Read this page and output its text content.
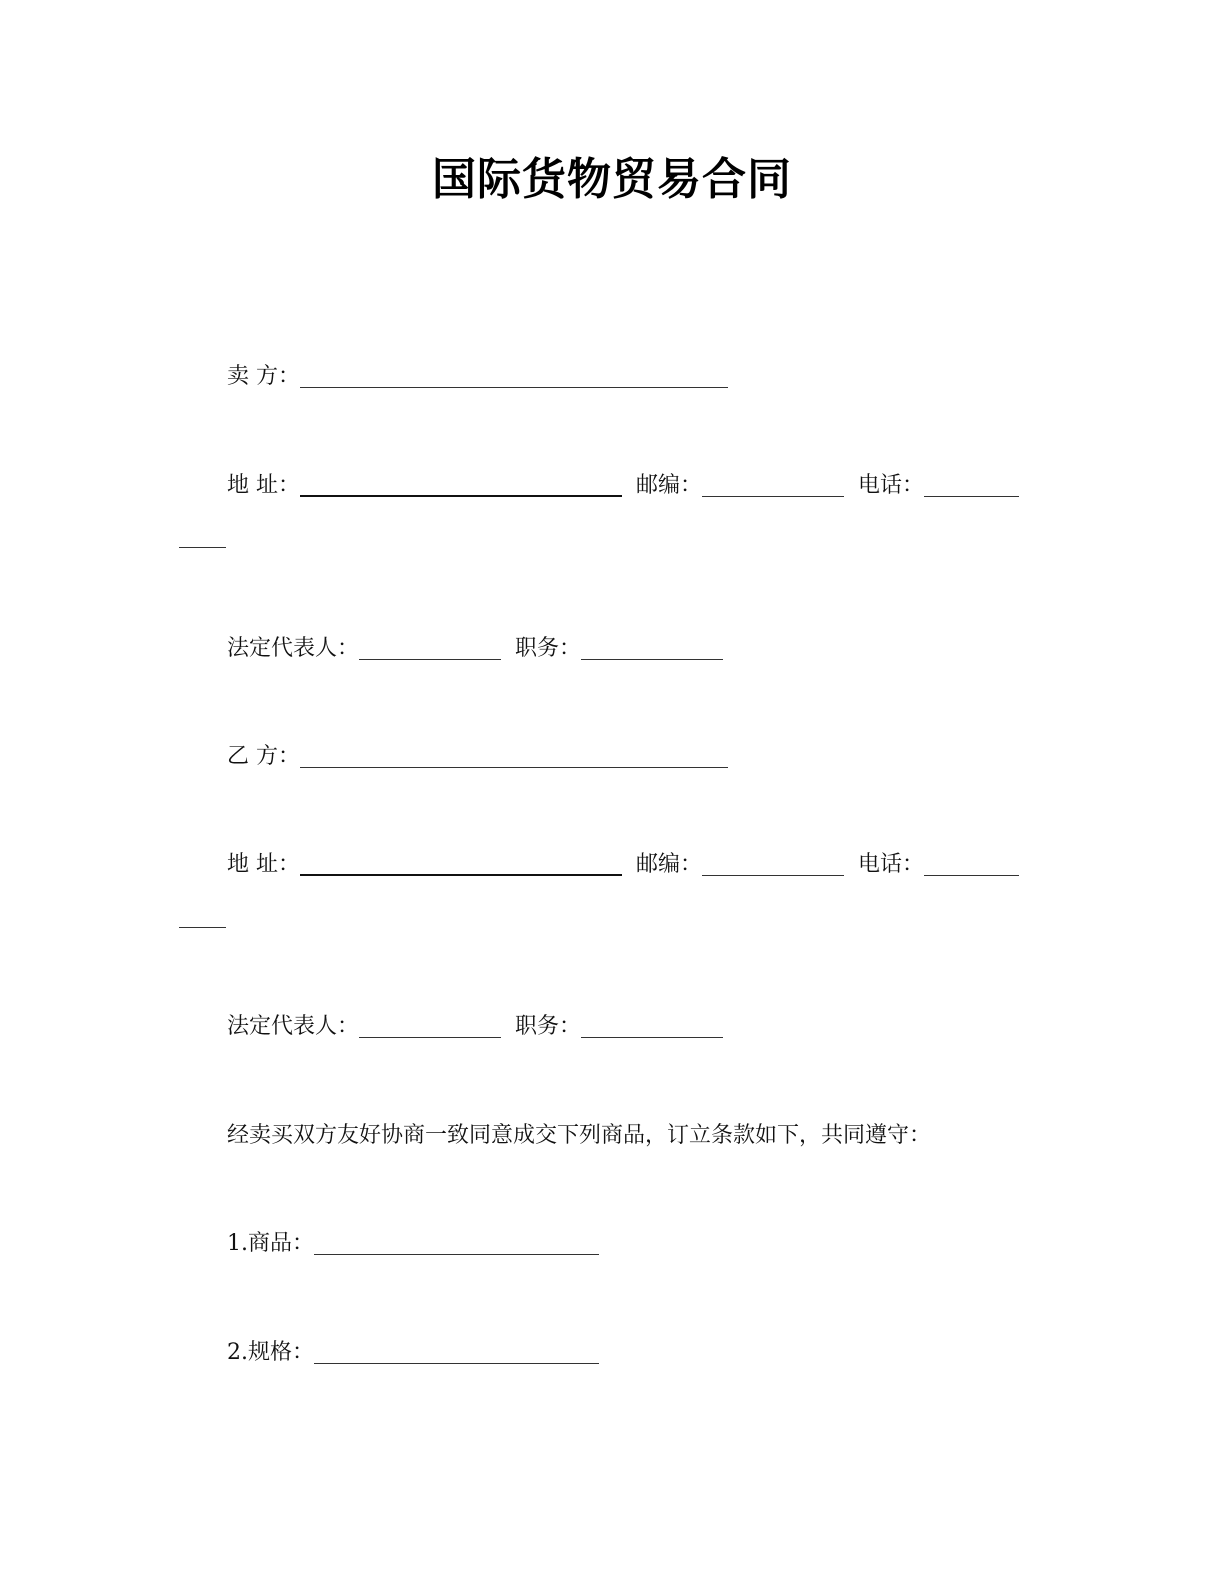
国际货物贸易合同
卖 方：
地 址：	邮编：	电话：
法定代表人：	职务：
乙 方：
地 址：	邮编：	电话：
法定代表人：	职务：
经卖买双方友好协商一致同意成交下列商品，订立条款如下，共同遵守：
1.商品：
2.规格：
